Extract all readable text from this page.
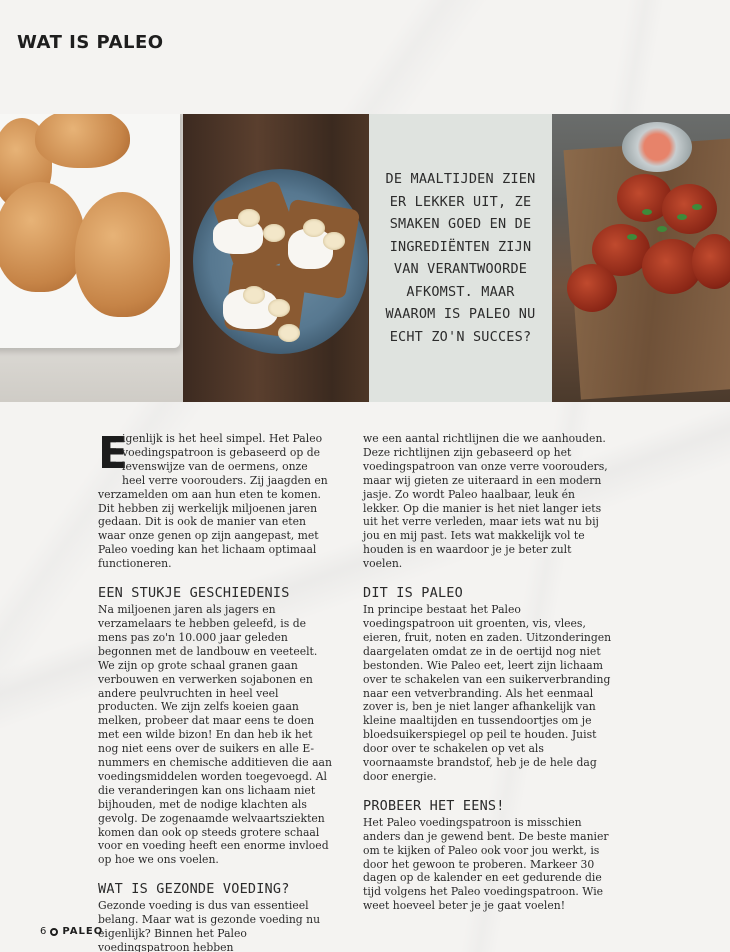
WAT IS PALEO
DE MAALTIJDEN ZIEN ER LEKKER UIT, ZE SMAKEN GOED EN DE INGREDIËNTEN ZIJN VAN VERANTWOORDE AFKOMST. MAAR WAAROM IS PALEO NU ECHT ZO'N SUCCES?
E
igenlijk is het heel simpel. Het Paleo voedingspatroon is gebaseerd op de levenswijze van de oermens, onze heel verre voorouders. Zij jaagden en verzamelden om aan hun eten te komen. Dit hebben zij werkelijk miljoenen jaren gedaan. Dit is ook de manier van eten waar onze genen op zijn aangepast, met Paleo voeding kan het lichaam optimaal functioneren.
EEN STUKJE GESCHIEDENIS
Na miljoenen jaren als jagers en verzamelaars te hebben geleefd, is de mens pas zo'n 10.000 jaar geleden begonnen met de landbouw en veeteelt. We zijn op grote schaal granen gaan verbouwen en verwerken sojabonen en andere peulvruchten in heel veel producten. We zijn zelfs koeien gaan melken, probeer dat maar eens te doen met een wilde bizon! En dan heb ik het nog niet eens over de suikers en alle E-nummers en chemische additieven die aan voedingsmiddelen worden toegevoegd. Al die veranderingen kan ons lichaam niet bijhouden, met de nodige klachten als gevolg. De zogenaamde welvaartsziekten komen dan ook op steeds grotere schaal voor en voeding heeft een enorme invloed op hoe we ons voelen.
WAT IS GEZONDE VOEDING?
Gezonde voeding is dus van essentieel belang. Maar wat is gezonde voeding nu eigenlijk? Binnen het Paleo voedingspatroon hebben
we een aantal richtlijnen die we aanhouden. Deze richtlijnen zijn gebaseerd op het voedingspatroon van onze verre voorouders, maar wij gieten ze uiteraard in een modern jasje. Zo wordt Paleo haalbaar, leuk én lekker. Op die manier is het niet langer iets uit het verre verleden, maar iets wat nu bij jou en mij past. Iets wat makkelijk vol te houden is en waardoor je je beter zult voelen.
DIT IS PALEO
In principe bestaat het Paleo voedingspatroon uit groenten, vis, vlees, eieren, fruit, noten en zaden. Uitzonderingen daargelaten omdat ze in de oertijd nog niet bestonden. Wie Paleo eet, leert zijn lichaam over te schakelen van een suikerverbranding naar een vetverbranding. Als het eenmaal zover is, ben je niet langer afhankelijk van kleine maaltijden en tussendoortjes om je bloedsuikerspiegel op peil te houden. Juist door over te schakelen op vet als voornaamste brandstof, heb je de hele dag door energie.
PROBEER HET EENS!
Het Paleo voedingspatroon is misschien anders dan je gewend bent. De beste manier om te kijken of Paleo ook voor jou werkt, is door het gewoon te proberen. Markeer 30 dagen op de kalender en eet gedurende die tijd volgens het Paleo voedingspatroon. Wie weet hoeveel beter je je gaat voelen!
6 PALEO
